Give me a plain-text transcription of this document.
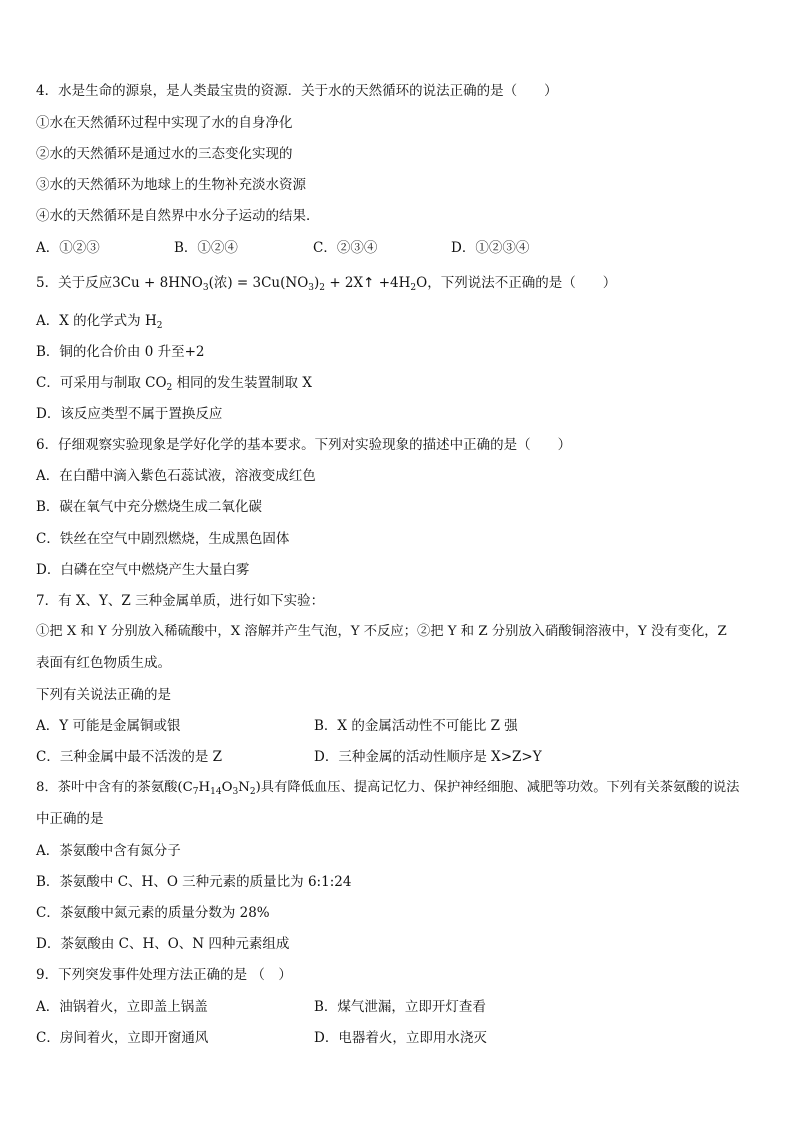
4．水是生命的源泉，是人类最宝贵的资源．关于水的天然循环的说法正确的是（　　）
①水在天然循环过程中实现了水的自身净化
②水的天然循环是通过水的三态变化实现的
③水的天然循环为地球上的生物补充淡水资源
④水的天然循环是自然界中水分子运动的结果．
A．①②③	B．①②④	C．②③④	D．①②③④
5．关于反应$3Cu + 8HNO_3$(浓) = $3Cu(NO_3)_2$ + 2X↑ $+4H_2O$，下列说法不正确的是（　　）
A．X 的化学式为 $H_2$
B．铜的化合价由 0 升至+2
C．可采用与制取 $CO_2$ 相同的发生装置制取 X
D．该反应类型不属于置换反应
6．仔细观察实验现象是学好化学的基本要求。下列对实验现象的描述中正确的是（　　）
A．在白醋中滴入紫色石蕊试液，溶液变成红色
B．碳在氧气中充分燃烧生成二氧化碳
C．铁丝在空气中剧烈燃烧，生成黑色固体
D．白磷在空气中燃烧产生大量白雾
7．有 X、Y、Z 三种金属单质，进行如下实验：
①把 X 和 Y 分别放入稀硫酸中，X 溶解并产生气泡，Y 不反应；②把 Y 和 Z 分别放入硝酸铜溶液中，Y 没有变化，Z
表面有红色物质生成。
下列有关说法正确的是
A．Y 可能是金属铜或银	B．X 的金属活动性不可能比 Z 强
C．三种金属中最不活泼的是 Z	D．三种金属的活动性顺序是 X>Z>Y
8．茶叶中含有的茶氨酸$(C_7H_{14}O_3N_2)$具有降低血压、提高记忆力、保护神经细胞、减肥等功效。下列有关茶氨酸的说法
中正确的是
A．茶氨酸中含有氮分子
B．茶氨酸中 C、H、O 三种元素的质量比为 6:1:24
C．茶氨酸中氮元素的质量分数为 28%
D．茶氨酸由 C、H、O、N 四种元素组成
9．下列突发事件处理方法正确的是 （　）
A．油锅着火，立即盖上锅盖	B．煤气泄漏，立即开灯查看
C．房间着火，立即开窗通风	D．电器着火，立即用水浇灭
